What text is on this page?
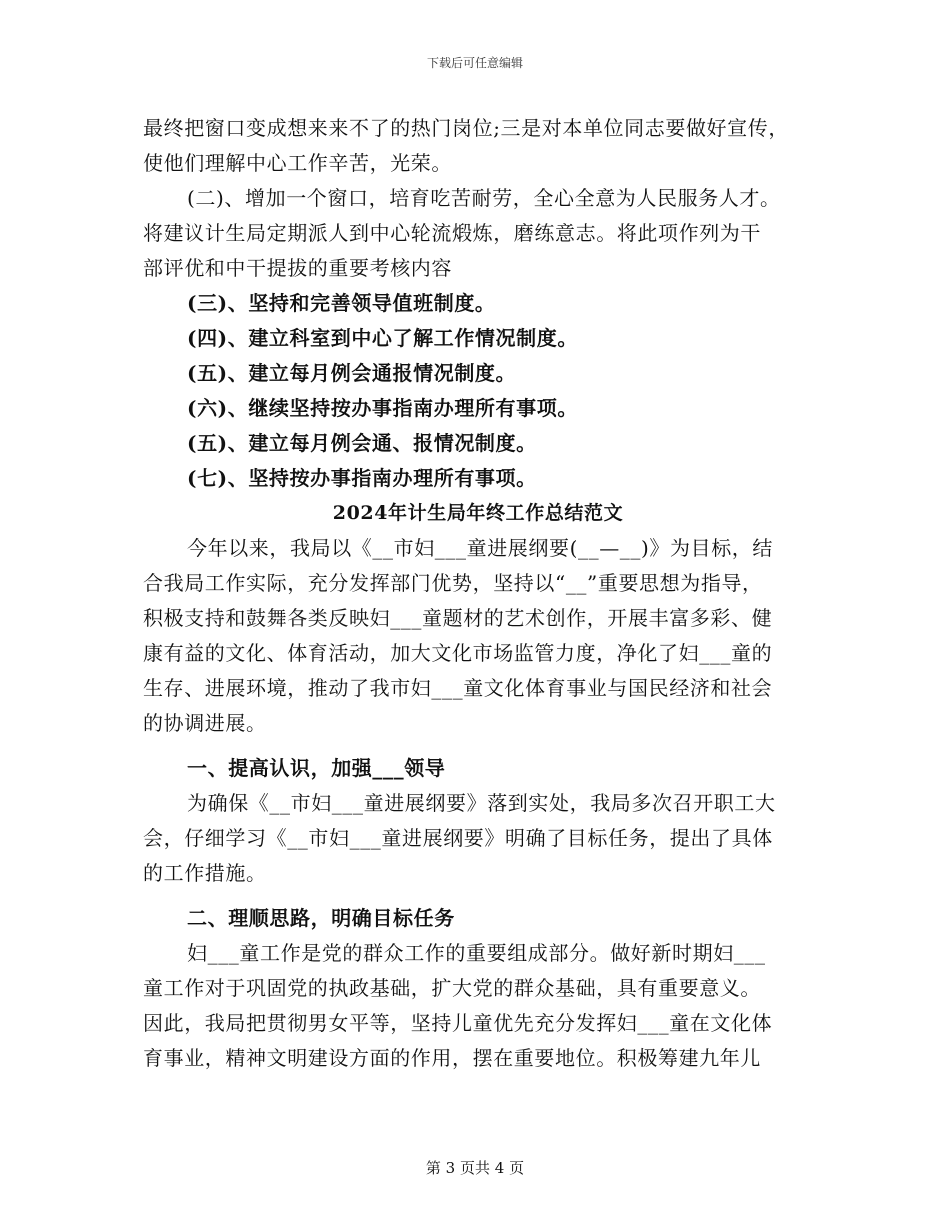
下载后可任意编辑
最终把窗口变成想来来不了的热门岗位;三是对本单位同志要做好宣传，
使他们理解中心工作辛苦，光荣。
(二)、增加一个窗口，培育吃苦耐劳，全心全意为人民服务人才。
将建议计生局定期派人到中心轮流煅炼，磨练意志。将此项作列为干
部评优和中干提拔的重要考核内容
(三)、坚持和完善领导值班制度。
(四)、建立科室到中心了解工作情况制度。
(五)、建立每月例会通报情况制度。
(六)、继续坚持按办事指南办理所有事项。
(五)、建立每月例会通、报情况制度。
(七)、坚持按办事指南办理所有事项。
2024年计生局年终工作总结范文
今年以来，我局以《__市妇___童进展纲要(__—__)》为目标，结
合我局工作实际，充分发挥部门优势，坚持以“__”重要思想为指导，
积极支持和鼓舞各类反映妇___童题材的艺术创作，开展丰富多彩、健
康有益的文化、体育活动，加大文化市场监管力度，净化了妇___童的
生存、进展环境，推动了我市妇___童文化体育事业与国民经济和社会
的协调进展。
一、提高认识，加强___领导
为确保《__市妇___童进展纲要》落到实处，我局多次召开职工大
会，仔细学习《__市妇___童进展纲要》明确了目标任务，提出了具体
的工作措施。
二、理顺思路，明确目标任务
妇___童工作是党的群众工作的重要组成部分。做好新时期妇___
童工作对于巩固党的执政基础，扩大党的群众基础，具有重要意义。
因此，我局把贯彻男女平等，坚持儿童优先充分发挥妇___童在文化体
育事业，精神文明建设方面的作用，摆在重要地位。积极筹建九年儿
第 3 页共 4 页
